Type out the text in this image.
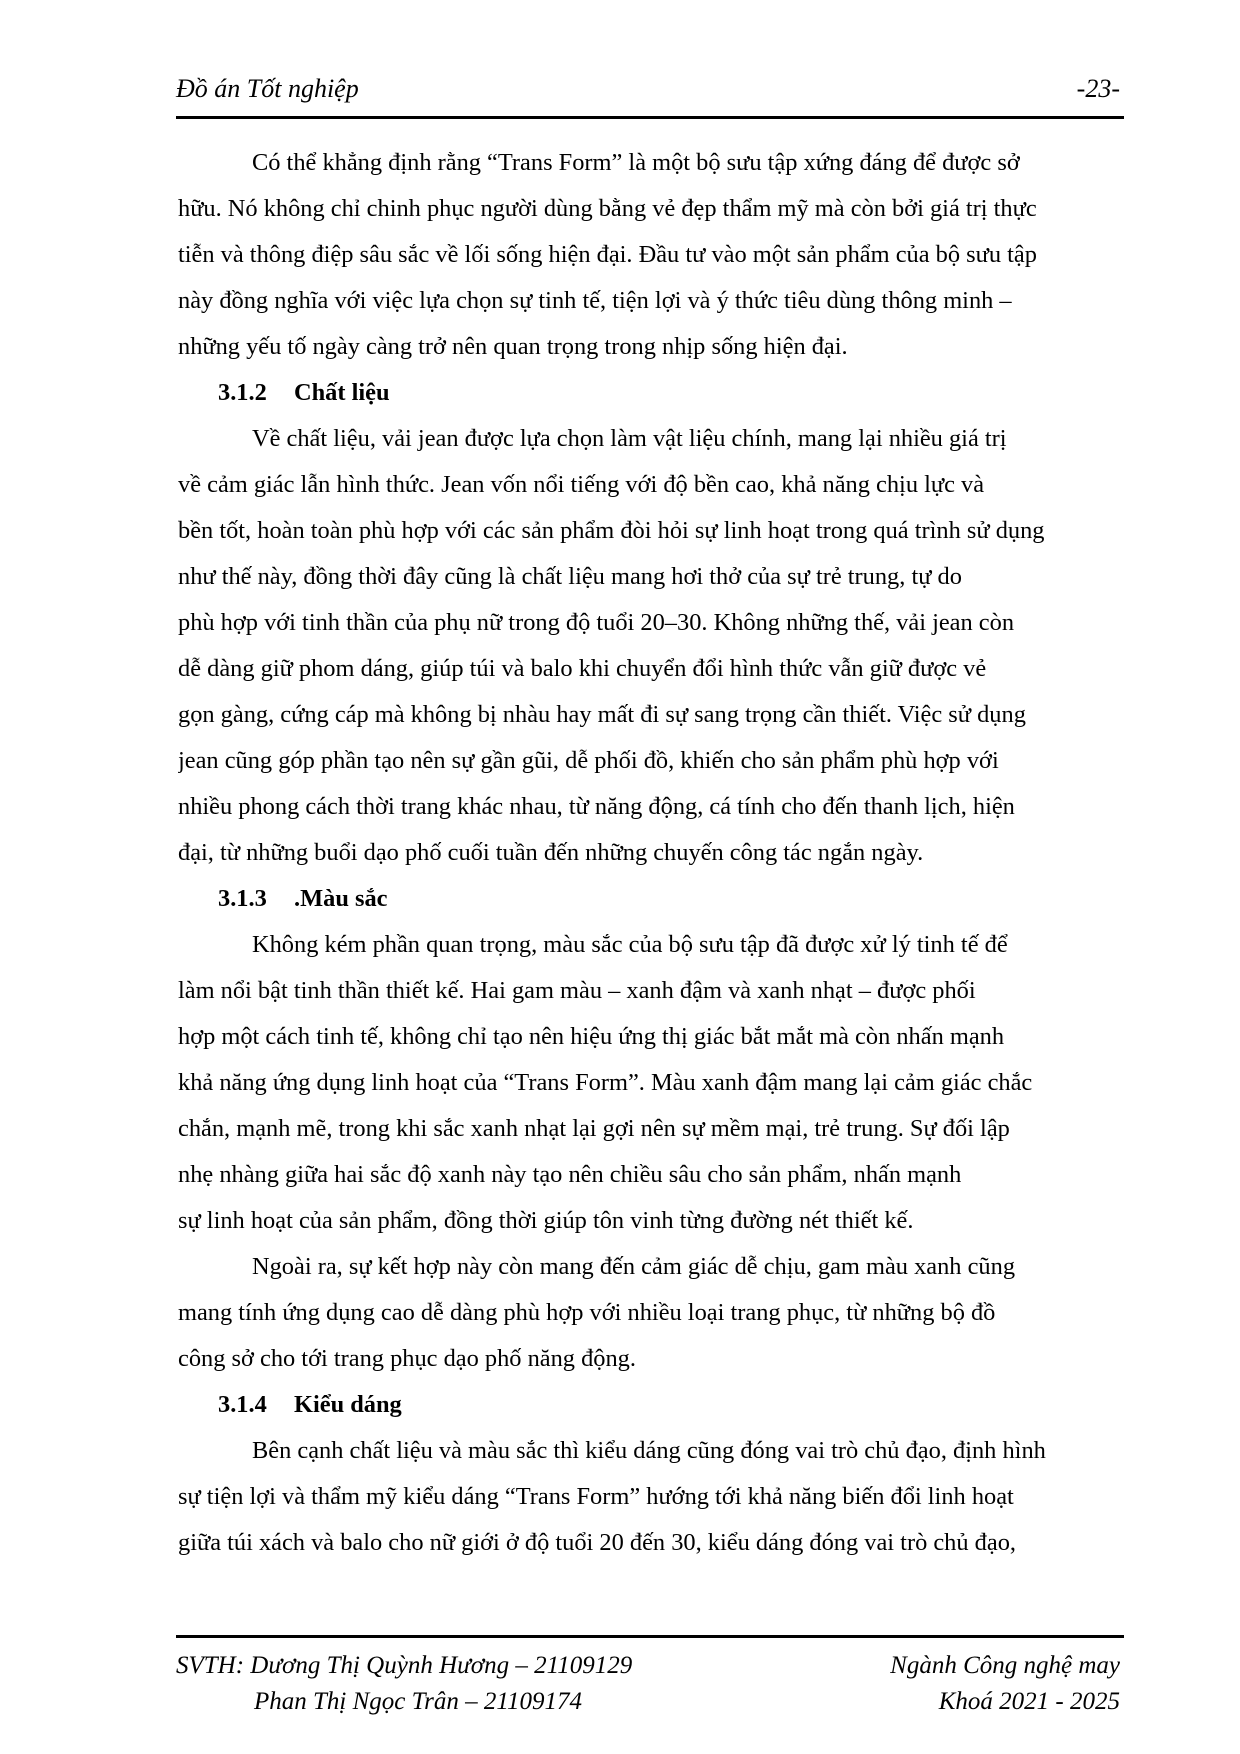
Đồ án Tốt nghiệp	-23-
Có thể khẳng định rằng “Trans Form” là một bộ sưu tập xứng đáng để được sở
hữu. Nó không chỉ chinh phục người dùng bằng vẻ đẹp thẩm mỹ mà còn bởi giá trị thực
tiễn và thông điệp sâu sắc về lối sống hiện đại. Đầu tư vào một sản phẩm của bộ sưu tập
này đồng nghĩa với việc lựa chọn sự tinh tế, tiện lợi và ý thức tiêu dùng thông minh –
những yếu tố ngày càng trở nên quan trọng trong nhịp sống hiện đại.
3.1.2 Chất liệu
Về chất liệu, vải jean được lựa chọn làm vật liệu chính, mang lại nhiều giá trị
về cảm giác lẫn hình thức. Jean vốn nổi tiếng với độ bền cao, khả năng chịu lực và
bền tốt, hoàn toàn phù hợp với các sản phẩm đòi hỏi sự linh hoạt trong quá trình sử dụng
như thế này, đồng thời đây cũng là chất liệu mang hơi thở của sự trẻ trung, tự do
phù hợp với tinh thần của phụ nữ trong độ tuổi 20–30. Không những thế, vải jean còn
dễ dàng giữ phom dáng, giúp túi và balo khi chuyển đổi hình thức vẫn giữ được vẻ
gọn gàng, cứng cáp mà không bị nhàu hay mất đi sự sang trọng cần thiết. Việc sử dụng
jean cũng góp phần tạo nên sự gần gũi, dễ phối đồ, khiến cho sản phẩm phù hợp với
nhiều phong cách thời trang khác nhau, từ năng động, cá tính cho đến thanh lịch, hiện
đại, từ những buổi dạo phố cuối tuần đến những chuyến công tác ngắn ngày.
3.1.3 .Màu sắc
Không kém phần quan trọng, màu sắc của bộ sưu tập đã được xử lý tinh tế để
làm nổi bật tinh thần thiết kế. Hai gam màu – xanh đậm và xanh nhạt – được phối
hợp một cách tinh tế, không chỉ tạo nên hiệu ứng thị giác bắt mắt mà còn nhấn mạnh
khả năng ứng dụng linh hoạt của “Trans Form”. Màu xanh đậm mang lại cảm giác chắc
chắn, mạnh mẽ, trong khi sắc xanh nhạt lại gợi nên sự mềm mại, trẻ trung. Sự đối lập
nhẹ nhàng giữa hai sắc độ xanh này tạo nên chiều sâu cho sản phẩm, nhấn mạnh
sự linh hoạt của sản phẩm, đồng thời giúp tôn vinh từng đường nét thiết kế.
Ngoài ra, sự kết hợp này còn mang đến cảm giác dễ chịu, gam màu xanh cũng
mang tính ứng dụng cao dễ dàng phù hợp với nhiều loại trang phục, từ những bộ đồ
công sở cho tới trang phục dạo phố năng động.
3.1.4 Kiểu dáng
Bên cạnh chất liệu và màu sắc thì kiểu dáng cũng đóng vai trò chủ đạo, định hình
sự tiện lợi và thẩm mỹ kiểu dáng “Trans Form” hướng tới khả năng biến đổi linh hoạt
giữa túi xách và balo cho nữ giới ở độ tuổi 20 đến 30, kiểu dáng đóng vai trò chủ đạo,
SVTH: Dương Thị Quỳnh Hương – 21109129
Phan Thị Ngọc Trân – 21109174
Ngành Công nghệ may
Khoá 2021 - 2025
